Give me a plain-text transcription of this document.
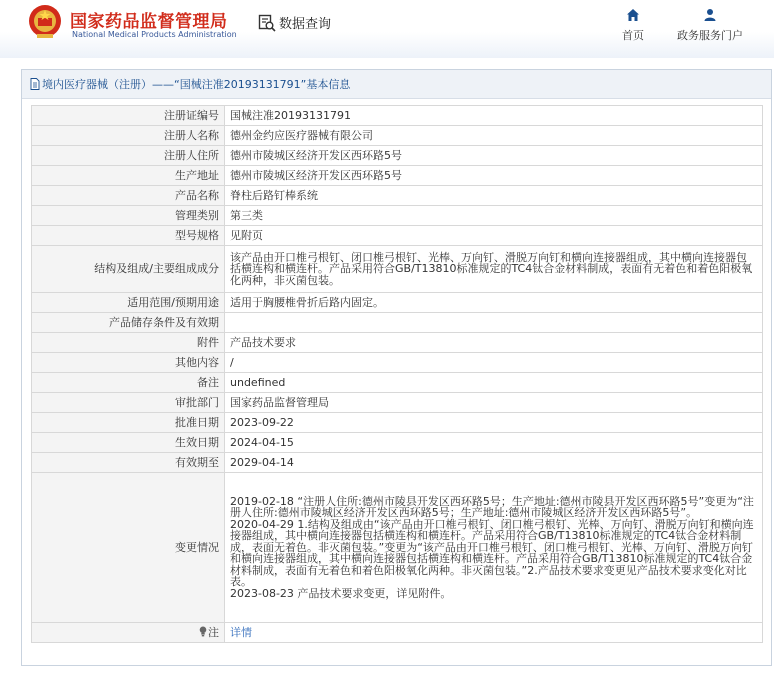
国家药品监督管理局
National Medical Products Administration
数据查询
首页	政务服务门户
境内医疗器械（注册）——“国械注准20193131791”基本信息
注册证编号	国械注准20193131791
注册人名称	德州金约应医疗器械有限公司
注册人住所	德州市陵城区经济开发区西环路5号
生产地址	德州市陵城区经济开发区西环路5号
产品名称	脊柱后路钉棒系统
管理类别	第三类
型号规格	见附页
结构及组成/主要组成成分	该产品由开口椎弓根钉、闭口椎弓根钉、光棒、万向钉、滑脱万向钉和横向连接器组成，其中横向连接器包括横连构和横连杆。产品采用符合GB/T13810标准规定的TC4钛合金材料制成，表面有无着色和着色阳极氧化两种，非灭菌包装。
适用范围/预期用途	适用于胸腰椎骨折后路内固定。
产品储存条件及有效期	
附件	产品技术要求
其他内容	/
备注	undefined
审批部门	国家药品监督管理局
批准日期	2023-09-22
生效日期	2024-04-15
有效期至	2029-04-14
变更情况	2019-02-18 “注册人住所:德州市陵县开发区西环路5号；生产地址:德州市陵县开发区西环路5号”变更为“注册人住所:德州市陵城区经济开发区西环路5号；生产地址:德州市陵城区经济开发区西环路5号”。
2020-04-29 1.结构及组成由“该产品由开口椎弓根钉、闭口椎弓根钉、光棒、万向钉、滑脱万向钉和横向连接器组成，其中横向连接器包括横连构和横连杆。产品采用符合GB/T13810标准规定的TC4钛合金材料制成，表面无着色。非灭菌包装。”变更为“该产品由开口椎弓根钉、闭口椎弓根钉、光棒、万向钉、滑脱万向钉和横向连接器组成，其中横向连接器包括横连构和横连杆。产品采用符合GB/T13810标准规定的TC4钛合金材料制成，表面有无着色和着色阳极氧化两种。非灭菌包装。”2.产品技术要求变更见产品技术要求变化对比表。
2023-08-23 产品技术要求变更，详见附件。
注	详情
